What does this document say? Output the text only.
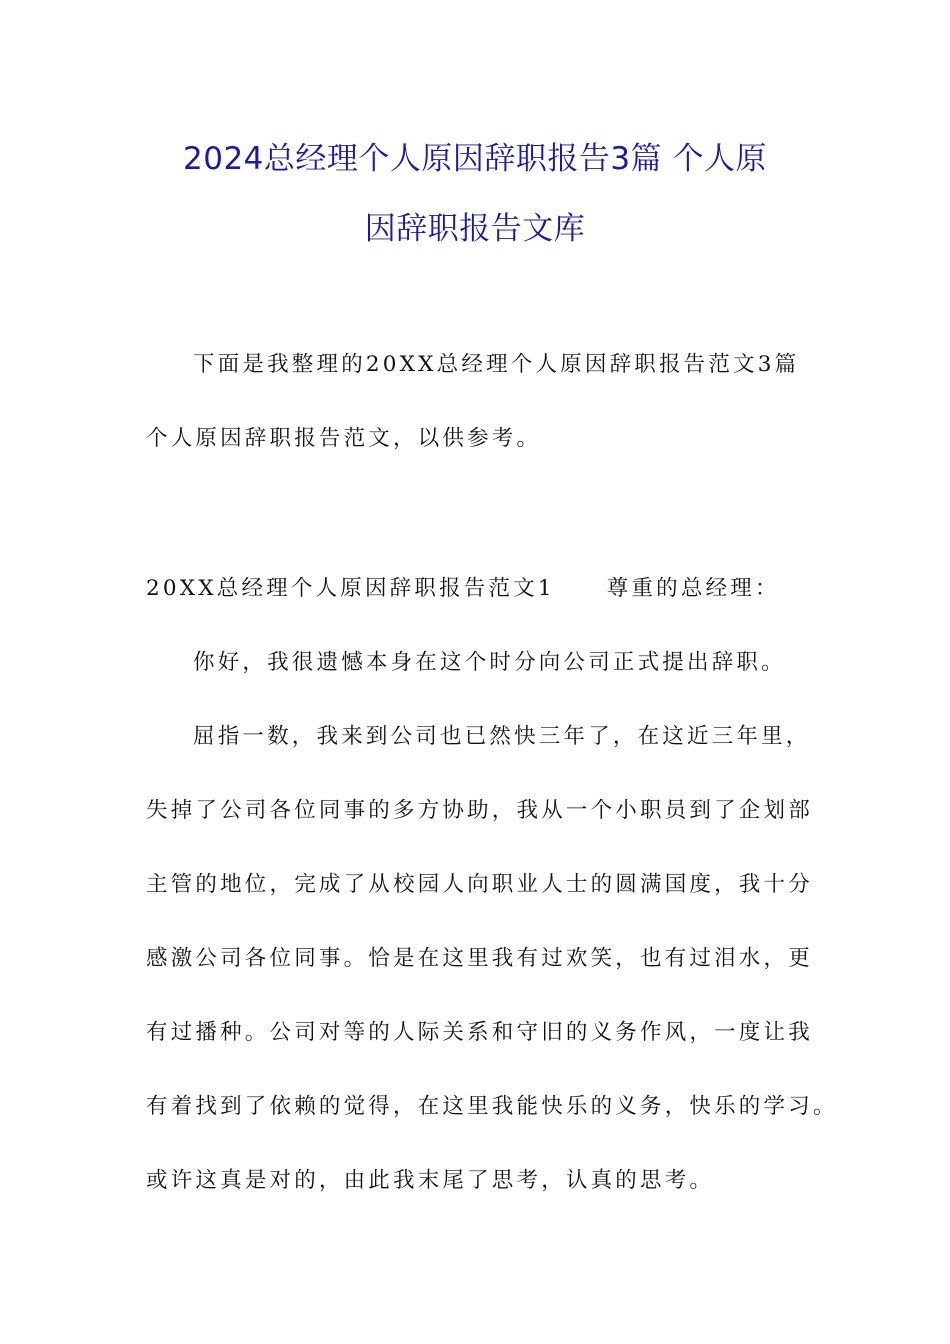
2024总经理个人原因辞职报告3篇 个人原
因辞职报告文库
下面是我整理的20XX总经理个人原因辞职报告范文3篇
个人原因辞职报告范文，以供参考。
20XX总经理个人原因辞职报告范文1 尊重的总经理：
你好，我很遗憾本身在这个时分向公司正式提出辞职。
屈指一数，我来到公司也已然快三年了，在这近三年里，
失掉了公司各位同事的多方协助，我从一个小职员到了企划部
主管的地位，完成了从校园人向职业人士的圆满国度，我十分
感激公司各位同事。恰是在这里我有过欢笑，也有过泪水，更
有过播种。公司对等的人际关系和守旧的义务作风，一度让我
有着找到了依赖的觉得，在这里我能快乐的义务，快乐的学习。
或许这真是对的，由此我末尾了思考，认真的思考。
